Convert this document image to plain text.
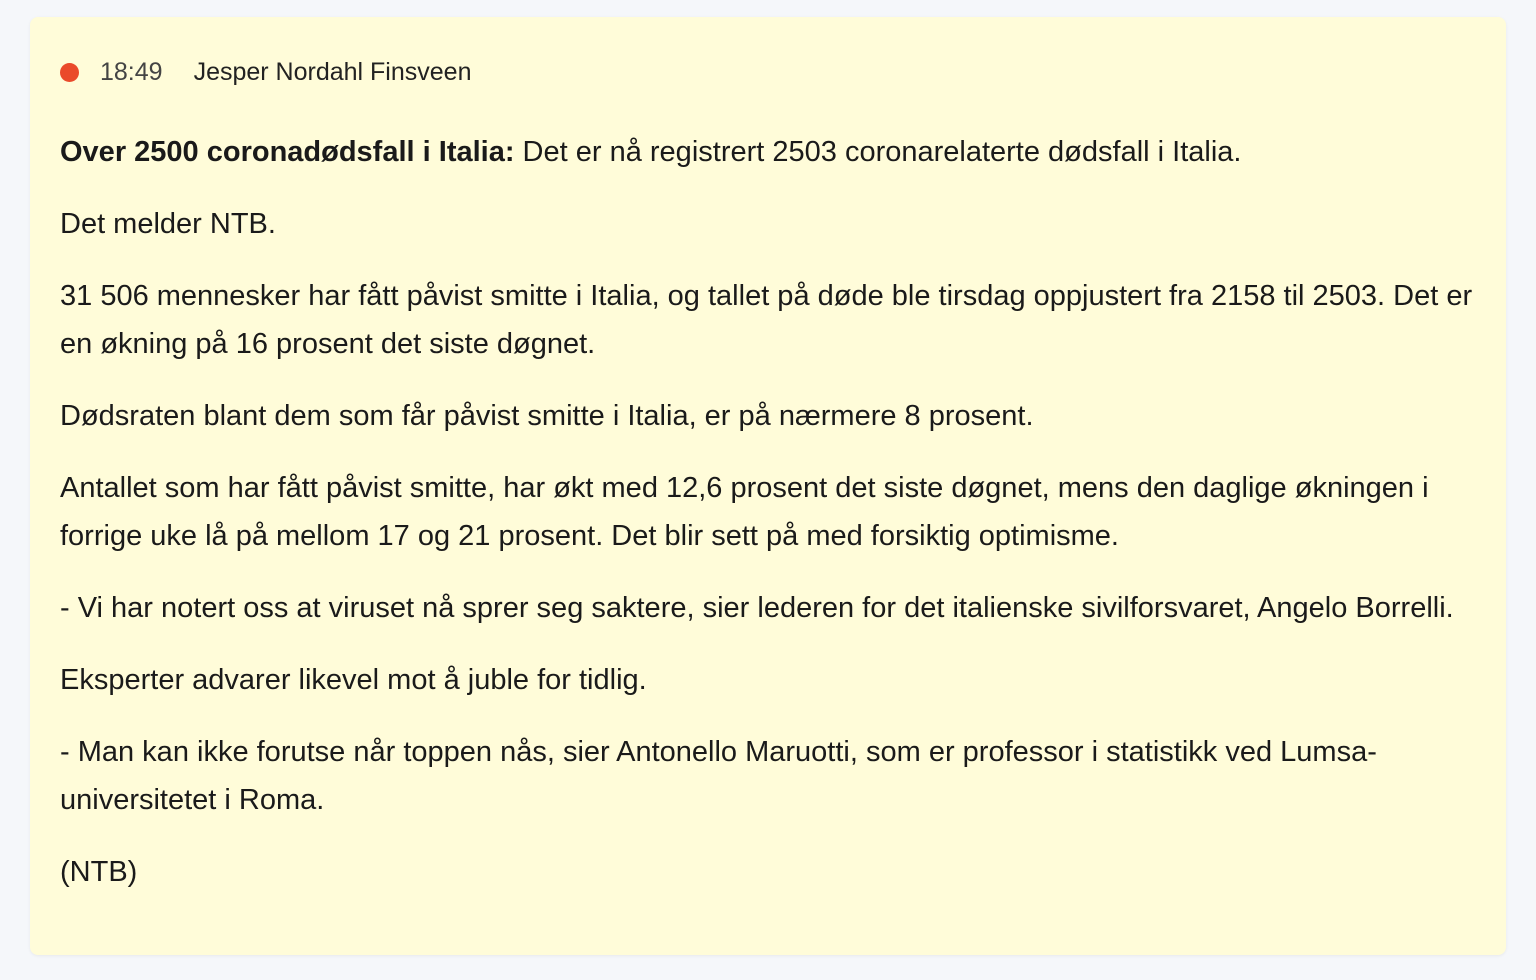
18:49 Jesper Nordahl Finsveen

Over 2500 coronadødsfall i Italia: Det er nå registrert 2503 coronarelaterte dødsfall i Italia.

Det melder NTB.

31 506 mennesker har fått påvist smitte i Italia, og tallet på døde ble tirsdag oppjustert fra 2158 til 2503. Det er en økning på 16 prosent det siste døgnet.

Dødsraten blant dem som får påvist smitte i Italia, er på nærmere 8 prosent.

Antallet som har fått påvist smitte, har økt med 12,6 prosent det siste døgnet, mens den daglige økningen i forrige uke lå på mellom 17 og 21 prosent. Det blir sett på med forsiktig optimisme.

- Vi har notert oss at viruset nå sprer seg saktere, sier lederen for det italienske sivilforsvaret, Angelo Borrelli.

Eksperter advarer likevel mot å juble for tidlig.

- Man kan ikke forutse når toppen nås, sier Antonello Maruotti, som er professor i statistikk ved Lumsa-universitetet i Roma.

(NTB)
